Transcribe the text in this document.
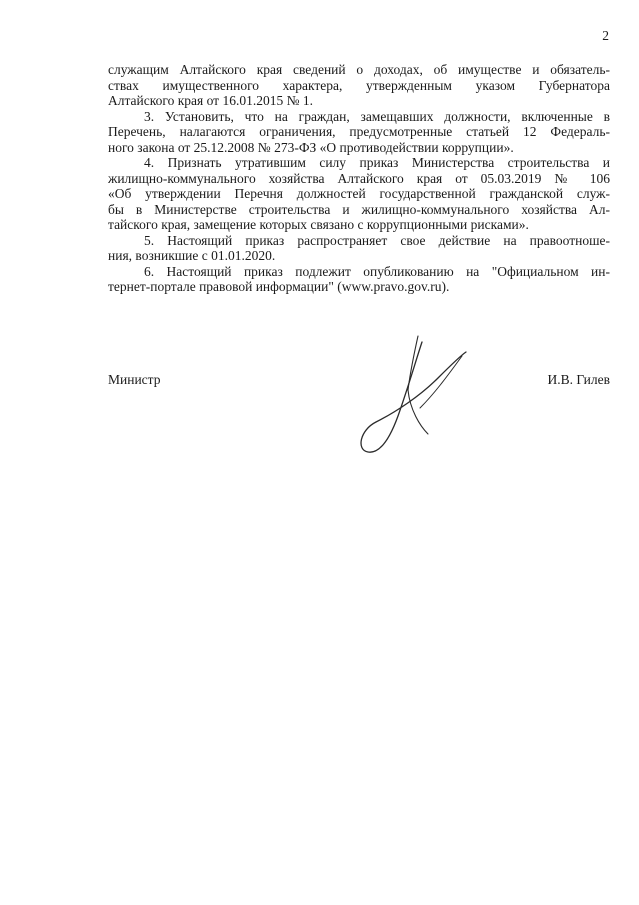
2

служащим Алтайского края сведений о доходах, об имуществе и обязатель-
ствах имущественного характера, утвержденным указом Губернатора
Алтайского края от 16.01.2015 № 1.

3. Установить, что на граждан, замещавших должности, включенные в
Перечень, налагаются ограничения, предусмотренные статьей 12 Федераль-
ного закона от 25.12.2008 № 273-ФЗ «О противодействии коррупции».

4. Признать утратившим силу приказ Министерства строительства и
жилищно-коммунального хозяйства Алтайского края от 05.03.2019 № 106
«Об утверждении Перечня должностей государственной гражданской служ-
бы в Министерстве строительства и жилищно-коммунального хозяйства Ал-
тайского края, замещение которых связано с коррупционными рисками».

5. Настоящий приказ распространяет свое действие на правоотноше-
ния, возникшие с 01.01.2020.

6. Настоящий приказ подлежит опубликованию на "Официальном ин-
тернет-портале правовой информации" (www.pravo.gov.ru).

Министр	И.В. Гилев
